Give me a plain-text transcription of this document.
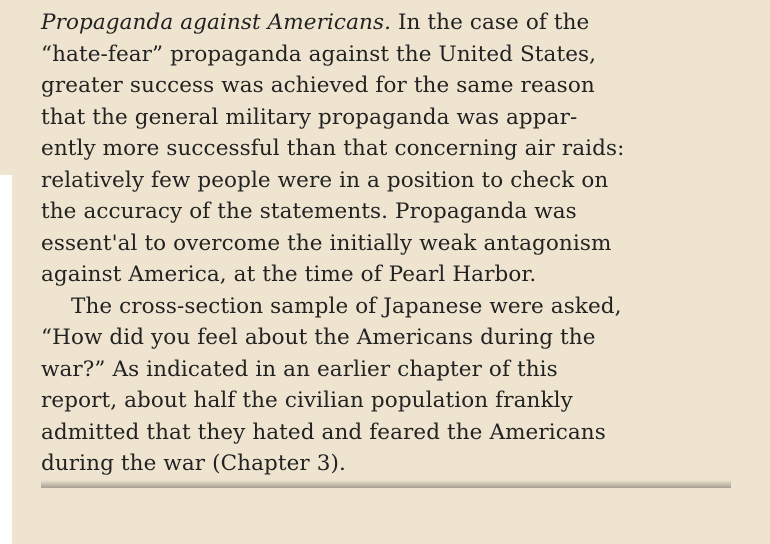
Propaganda against Americans. In the case of the
“hate-fear” propaganda against the United States,
greater success was achieved for the same reason
that the general military propaganda was appar-
ently more successful than that concerning air raids:
relatively few people were in a position to check on
the accuracy of the statements. Propaganda was
essent'al to overcome the initially weak antagonism
against America, at the time of Pearl Harbor.
The cross-section sample of Japanese were asked,
“How did you feel about the Americans during the
war?” As indicated in an earlier chapter of this
report, about half the civilian population frankly
admitted that they hated and feared the Americans
during the war (Chapter 3).
